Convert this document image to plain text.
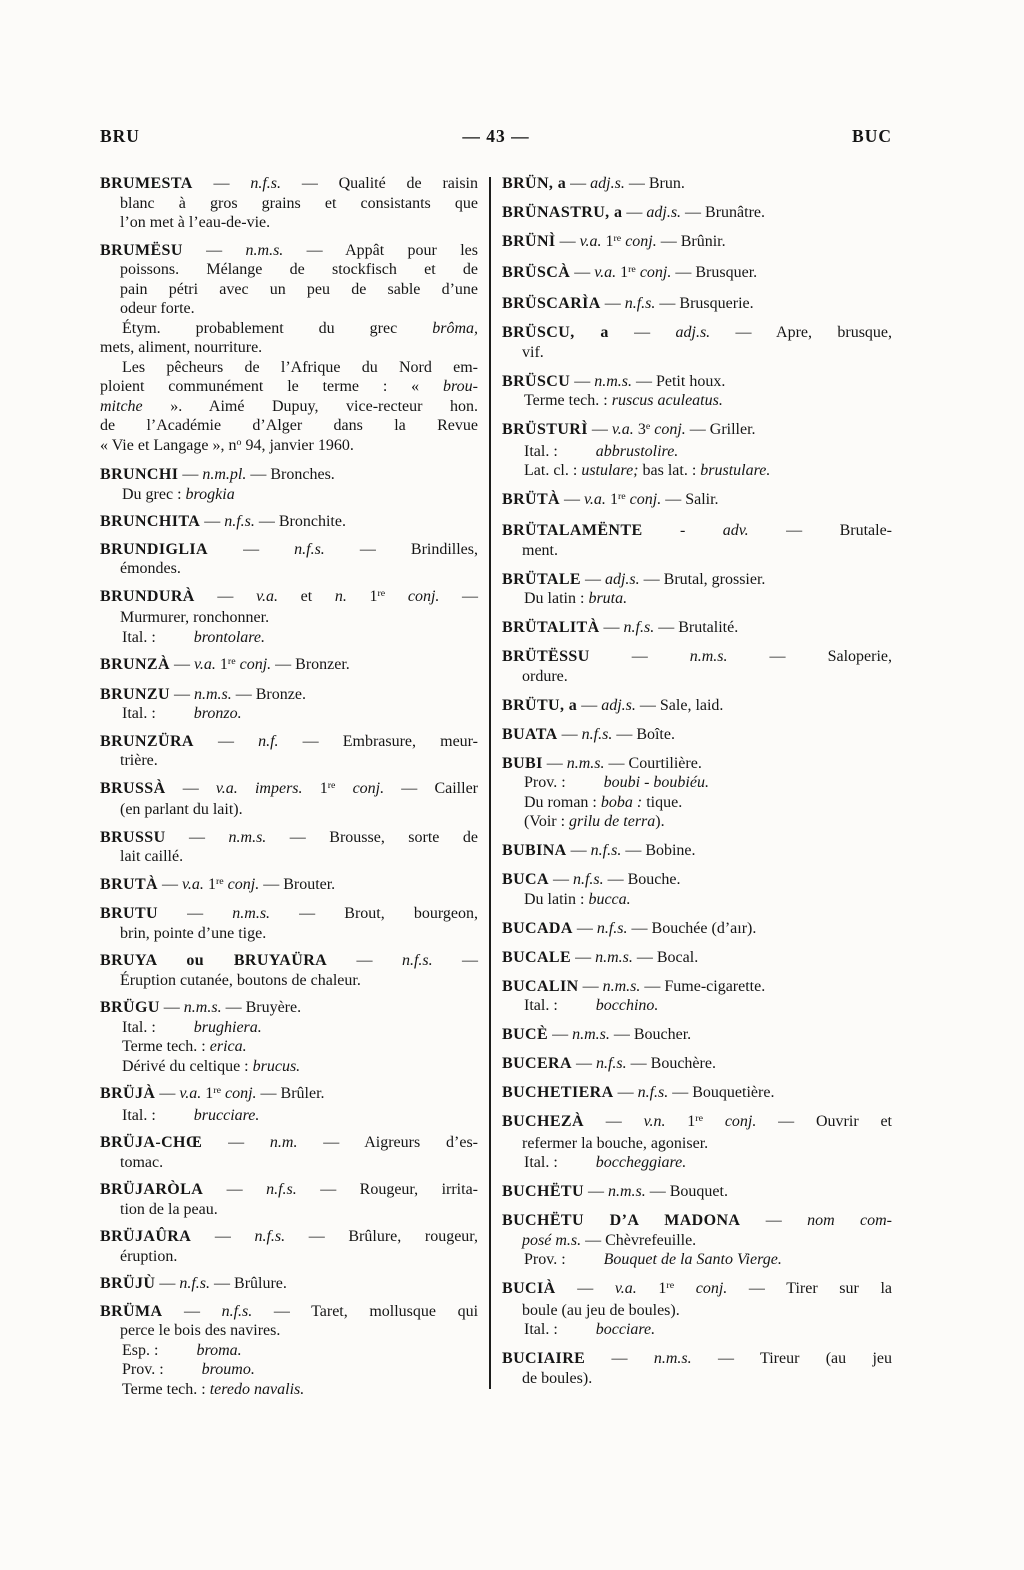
BRU	— 43 —	BUC
BRUMESTA — n.f.s. — Qualité de raisin
blanc à gros grains et consistants que
l’on met à l’eau-de-vie.
BRUMËSU — n.m.s. — Appât pour les
poissons. Mélange de stockfisch et de
pain pétri avec un peu de sable d’une
odeur forte.
Étym. probablement du grec brôma,
mets, aliment, nourriture.
Les pêcheurs de l’Afrique du Nord em-
ploient communément le terme : « brou-
mitche ». Aimé Dupuy, vice-recteur hon.
de l’Académie d’Alger dans la Revue
« Vie et Langage », $n^o$ 94, janvier 1960.
BRUNCHI — n.m.pl. — Bronches.
Du grec : brogkia
BRUNCHITA — n.f.s. — Bronchite.
BRUNDIGLIA — n.f.s. — Brindilles,
émondes.
BRUNDURÀ — v.a. et n. 1re conj. —
Murmurer, ronchonner.
Ital. : brontolare.
BRUNZÀ — v.a. 1re conj. — Bronzer.
BRUNZU — n.m.s. — Bronze.
Ital. : bronzo.
BRUNZÜRA — n.f. — Embrasure, meur-
trière.
BRUSSÀ — v.a. impers. 1re conj. — Cailler
(en parlant du lait).
BRUSSU — n.m.s. — Brousse, sorte de
lait caillé.
BRUTÀ — v.a. 1re conj. — Brouter.
BRUTU — n.m.s. — Brout, bourgeon,
brin, pointe d’une tige.
BRUYA ou BRUYAÜRA — n.f.s. —
Éruption cutanée, boutons de chaleur.
BRÜGU — n.m.s. — Bruyère.
Ital. : brughiera.
Terme tech. : erica.
Dérivé du celtique : brucus.
BRÜJÀ — v.a. 1re conj. — Brûler.
Ital. : brucciare.
BRÜJA-CHŒ — n.m. — Aigreurs d’es-
tomac.
BRÜJARÒLA — n.f.s. — Rougeur, irrita-
tion de la peau.
BRÜJAÛRA — n.f.s. — Brûlure, rougeur,
éruption.
BRÜJÙ — n.f.s. — Brûlure.
BRÜMA — n.f.s. — Taret, mollusque qui
perce le bois des navires.
Esp. : broma.
Prov. : broumo.
Terme tech. : teredo navalis.
BRÜN, a — adj.s. — Brun.
BRÜNASTRU, a — adj.s. — Brunâtre.
BRÜNÌ — v.a. 1re conj. — Brûnir.
BRÜSCÀ — v.a. 1re conj. — Brusquer.
BRÜSCARÌA — n.f.s. — Brusquerie.
BRÜSCU, a — adj.s. — Apre, brusque,
vif.
BRÜSCU — n.m.s. — Petit houx.
Terme tech. : ruscus aculeatus.
BRÜSTURÌ — v.a. 3e conj. — Griller.
Ital. : abbrustolire.
Lat. cl. : ustulare; bas lat. : brustulare.
BRÜTÀ — v.a. 1re conj. — Salir.
BRÜTALAMËNTE - adv. — Brutale-
ment.
BRÜTALE — adj.s. — Brutal, grossier.
Du latin : bruta.
BRÜTALITÀ — n.f.s. — Brutalité.
BRÜTËSSU — n.m.s. — Saloperie,
ordure.
BRÜTU, a — adj.s. — Sale, laid.
BUATA — n.f.s. — Boîte.
BUBI — n.m.s. — Courtilière.
Prov. : boubi - boubiéu.
Du roman : boba : tique.
(Voir : grilu de terra).
BUBINA — n.f.s. — Bobine.
BUCA — n.f.s. — Bouche.
Du latin : bucca.
BUCADA — n.f.s. — Bouchée (d’aır).
BUCALE — n.m.s. — Bocal.
BUCALIN — n.m.s. — Fume-cigarette.
Ital. : bocchino.
BUCÈ — n.m.s. — Boucher.
BUCERA — n.f.s. — Bouchère.
BUCHETIERA — n.f.s. — Bouquetière.
BUCHEZÀ — v.n. 1re conj. — Ouvrir et
refermer la bouche, agoniser.
Ital. : boccheggiare.
BUCHËTU — n.m.s. — Bouquet.
BUCHËTU D’A MADONA — nom com-
posé m.s. — Chèvrefeuille.
Prov. : Bouquet de la Santo Vierge.
BUCIÀ — v.a. 1re conj. — Tirer sur la
boule (au jeu de boules).
Ital. : bocciare.
BUCIAIRE — n.m.s. — Tireur (au jeu
de boules).
